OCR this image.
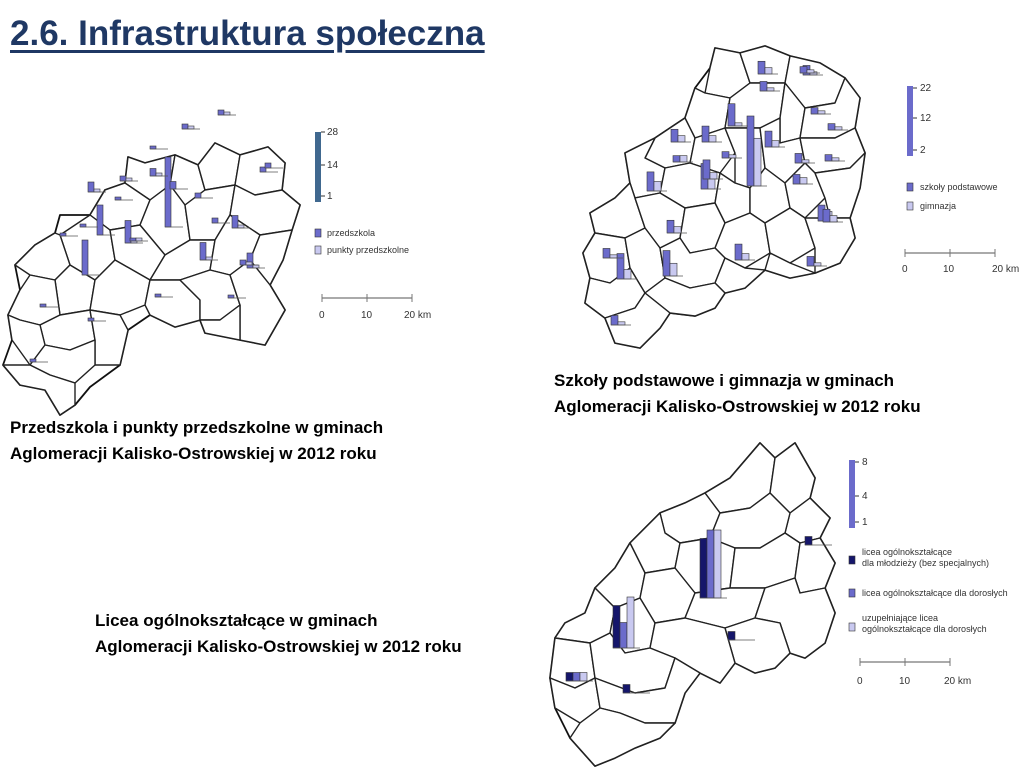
2.6. Infrastruktura społeczna
28
14
1
przedszkola
punkty przedszkolne
0	10	20 km
Przedszkola i punkty przedszkolne w gminach
Aglomeracji Kalisko-Ostrowskiej w 2012 roku
22
12
2
szkoły podstawowe
gimnazja
0	10	20 km
Szkoły podstawowe i gimnazja w gminach
Aglomeracji Kalisko-Ostrowskiej w 2012 roku
8
4
1
licea ogólnokształcące
dla młodzieży (bez specjalnych)
licea ogólnokształcące dla dorosłych
uzupełniające licea
ogólnokształcące dla dorosłych
0	10	20 km
Licea ogólnokształcące w gminach
Aglomeracji Kalisko-Ostrowskiej w 2012 roku
